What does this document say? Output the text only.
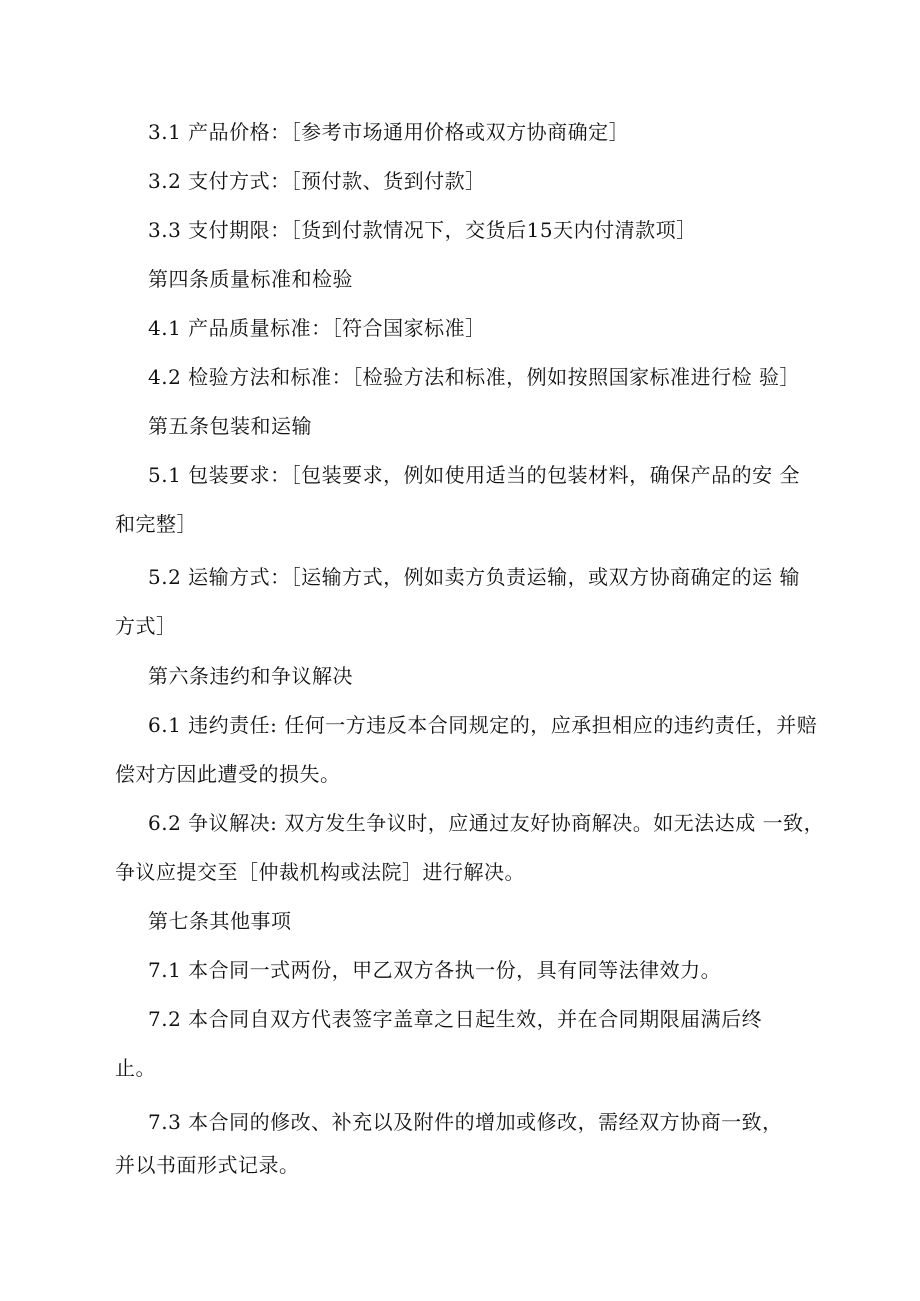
3.1 产品价格：［参考市场通用价格或双方协商确定］
3.2 支付方式：［预付款、货到付款］
3.3 支付期限：［货到付款情况下，交货后15天内付清款项］
第四条质量标准和检验
4.1 产品质量标准：［符合国家标准］
4.2 检验方法和标准：［检验方法和标准，例如按照国家标准进行检 验］
第五条包装和运输
5.1 包装要求：［包装要求，例如使用适当的包装材料，确保产品的安 全
和完整］
5.2 运输方式：［运输方式，例如卖方负责运输，或双方协商确定的运 输
方式］
第六条违约和争议解决
6.1 违约责任: 任何一方违反本合同规定的，应承担相应的违约责任，并赔
偿对方因此遭受的损失。
6.2 争议解决: 双方发生争议时，应通过友好协商解决。如无法达成 一致，
争议应提交至［仲裁机构或法院］进行解决。
第七条其他事项
7.1 本合同一式两份，甲乙双方各执一份，具有同等法律效力。
7.2 本合同自双方代表签字盖章之日起生效，并在合同期限届满后终
止。
7.3 本合同的修改、补充以及附件的增加或修改，需经双方协商一致，
并以书面形式记录。
